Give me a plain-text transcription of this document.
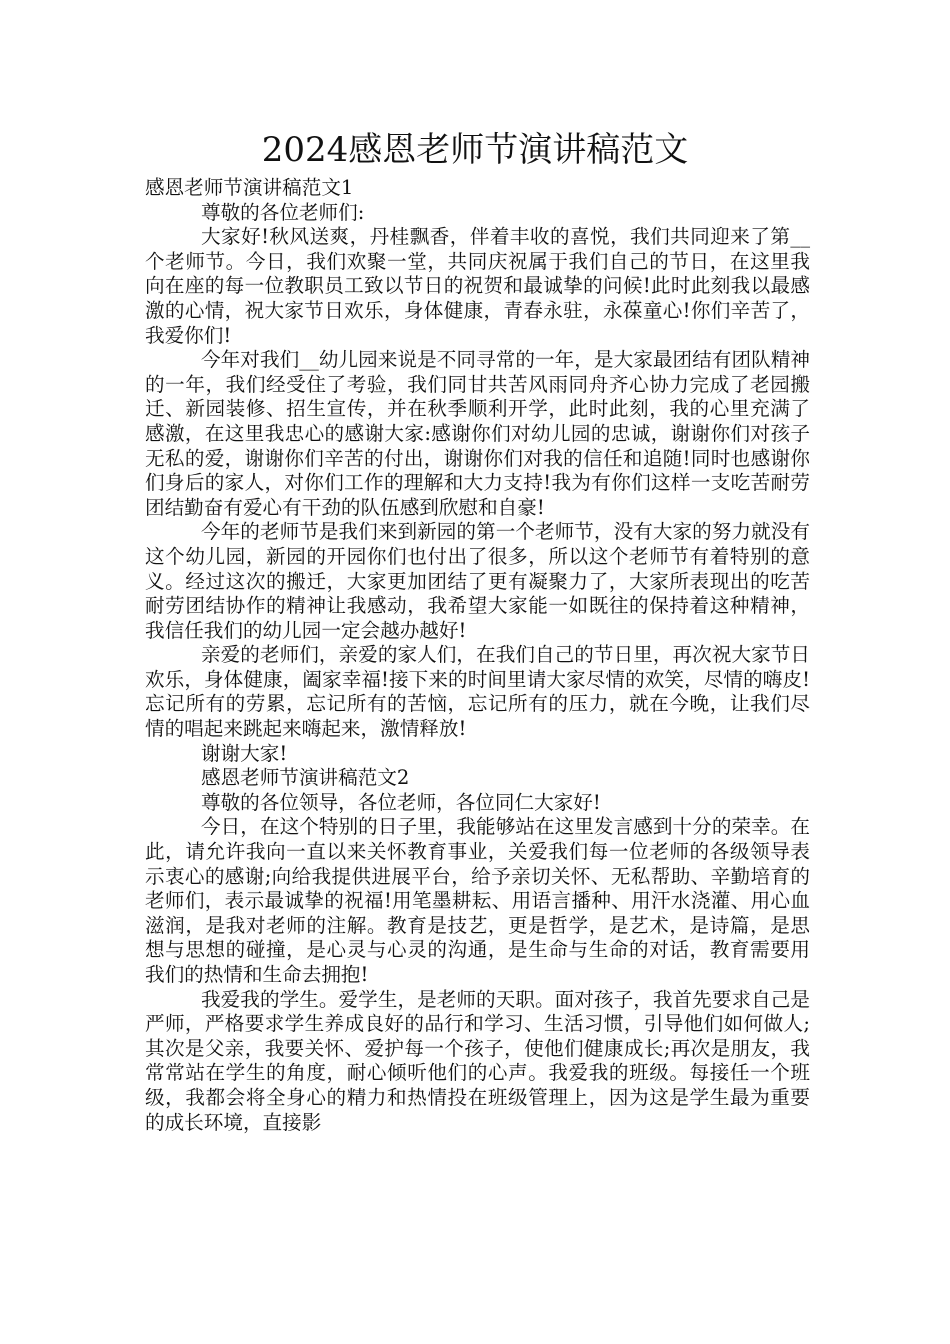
2024感恩老师节演讲稿范文

感恩老师节演讲稿范文1

尊敬的各位老师们:

大家好!秋风送爽，丹桂飘香，伴着丰收的喜悦，我们共同迎来了第__个老师节。今日，我们欢聚一堂，共同庆祝属于我们自己的节日，在这里我向在座的每一位教职员工致以节日的祝贺和最诚挚的问候!此时此刻我以最感激的心情，祝大家节日欢乐，身体健康，青春永驻，永葆童心!你们辛苦了，我爱你们!

今年对我们__幼儿园来说是不同寻常的一年，是大家最团结有团队精神的一年，我们经受住了考验，我们同甘共苦风雨同舟齐心协力完成了老园搬迁、新园装修、招生宣传，并在秋季顺利开学，此时此刻，我的心里充满了感激，在这里我忠心的感谢大家:感谢你们对幼儿园的忠诚，谢谢你们对孩子无私的爱，谢谢你们辛苦的付出，谢谢你们对我的信任和追随!同时也感谢你们身后的家人，对你们工作的理解和大力支持!我为有你们这样一支吃苦耐劳团结勤奋有爱心有干劲的队伍感到欣慰和自豪!

今年的老师节是我们来到新园的第一个老师节，没有大家的努力就没有这个幼儿园，新园的开园你们也付出了很多，所以这个老师节有着特别的意义。经过这次的搬迁，大家更加团结了更有凝聚力了，大家所表现出的吃苦耐劳团结协作的精神让我感动，我希望大家能一如既往的保持着这种精神，我信任我们的幼儿园一定会越办越好!

亲爱的老师们，亲爱的家人们，在我们自己的节日里，再次祝大家节日欢乐，身体健康，阖家幸福!接下来的时间里请大家尽情的欢笑，尽情的嗨皮!忘记所有的劳累，忘记所有的苦恼，忘记所有的压力，就在今晚，让我们尽情的唱起来跳起来嗨起来，激情释放!

谢谢大家!

感恩老师节演讲稿范文2

尊敬的各位领导，各位老师，各位同仁大家好!

今日，在这个特别的日子里，我能够站在这里发言感到十分的荣幸。在此，请允许我向一直以来关怀教育事业，关爱我们每一位老师的各级领导表示衷心的感谢;向给我提供进展平台，给予亲切关怀、无私帮助、辛勤培育的老师们，表示最诚挚的祝福!用笔墨耕耘、用语言播种、用汗水浇灌、用心血滋润，是我对老师的注解。教育是技艺，更是哲学，是艺术，是诗篇，是思想与思想的碰撞，是心灵与心灵的沟通，是生命与生命的对话，教育需要用我们的热情和生命去拥抱!

我爱我的学生。爱学生，是老师的天职。面对孩子，我首先要求自己是严师，严格要求学生养成良好的品行和学习、生活习惯，引导他们如何做人;其次是父亲，我要关怀、爱护每一个孩子，使他们健康成长;再次是朋友，我常常站在学生的角度，耐心倾听他们的心声。我爱我的班级。每接任一个班级，我都会将全身心的精力和热情投在班级管理上，因为这是学生最为重要的成长环境，直接影
